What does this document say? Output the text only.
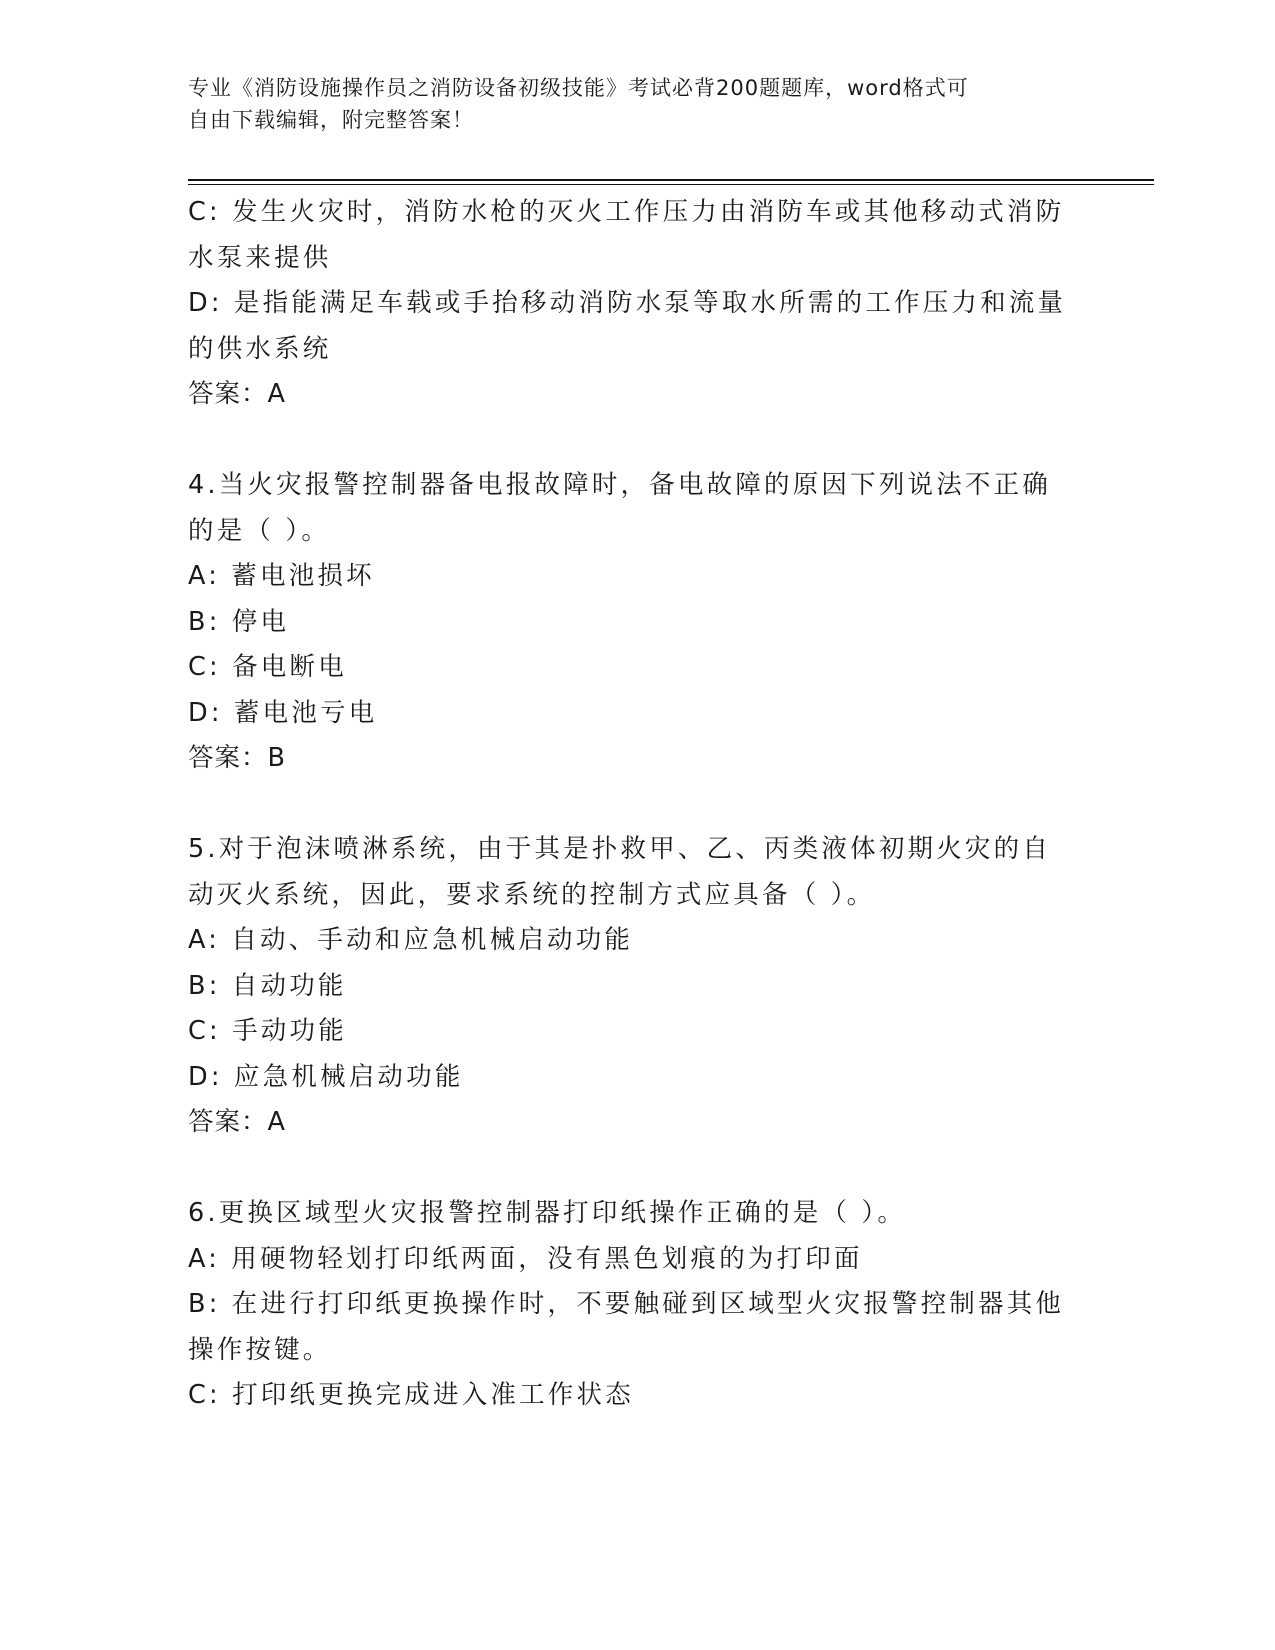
专业《消防设施操作员之消防设备初级技能》考试必背200题题库，word格式可
自由下载编辑，附完整答案！
C: 发生火灾时，消防水枪的灭火工作压力由消防车或其他移动式消防
水泵来提供
D: 是指能满足车载或手抬移动消防水泵等取水所需的工作压力和流量
的供水系统
答案：A
4.当火灾报警控制器备电报故障时，备电故障的原因下列说法不正确
的是（ ）。
A: 蓄电池损坏
B: 停电
C: 备电断电
D: 蓄电池亏电
答案：B
5.对于泡沫喷淋系统，由于其是扑救甲、乙、丙类液体初期火灾的自
动灭火系统，因此，要求系统的控制方式应具备（ ）。
A: 自动、手动和应急机械启动功能
B: 自动功能
C: 手动功能
D: 应急机械启动功能
答案：A
6.更换区域型火灾报警控制器打印纸操作正确的是（ ）。
A: 用硬物轻划打印纸两面，没有黑色划痕的为打印面
B: 在进行打印纸更换操作时，不要触碰到区域型火灾报警控制器其他
操作按键。
C: 打印纸更换完成进入准工作状态
